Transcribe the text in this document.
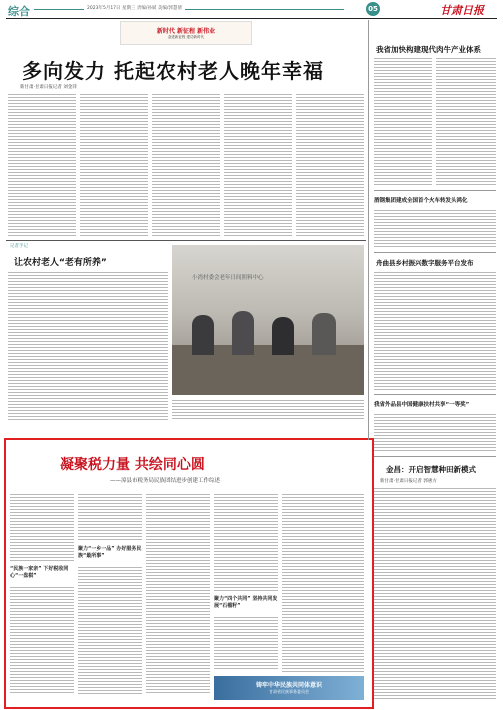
综合	2023年5月17日 星期三 责编/孙斌 美编/郭慧倩	05	甘肃日报
新时代 新征程 新伟业
奋进新征程 建功新时代
多向发力 托起农村老人晚年幸福
新甘肃·甘肃日报记者 刘金萍
记者手记
让农村老人“老有所养”
小湾村委会老年日间照料中心
凝聚税力量 共绘同心圆
——漳县市税务局民族团结进步创建工作综述
“民族一家亲” 下好税收同心“一盘棋”
聚力“一乡一品” 办好服务民族“最所事”
聚力“四个共同” 坚持共同发展“石榴籽”
铸牢中华民族共同体意识
甘肃省民族事务委员会
我省加快构建现代肉牛产业体系
酒钢集团建成全国首个火车转发头鸿化
舟曲县乡村振兴数字服务平台发布
我省外品县中国健康扶村共享“一等奖”
金昌：开启智慧种田新模式
新甘肃·甘肃日报记者 郭惠方
